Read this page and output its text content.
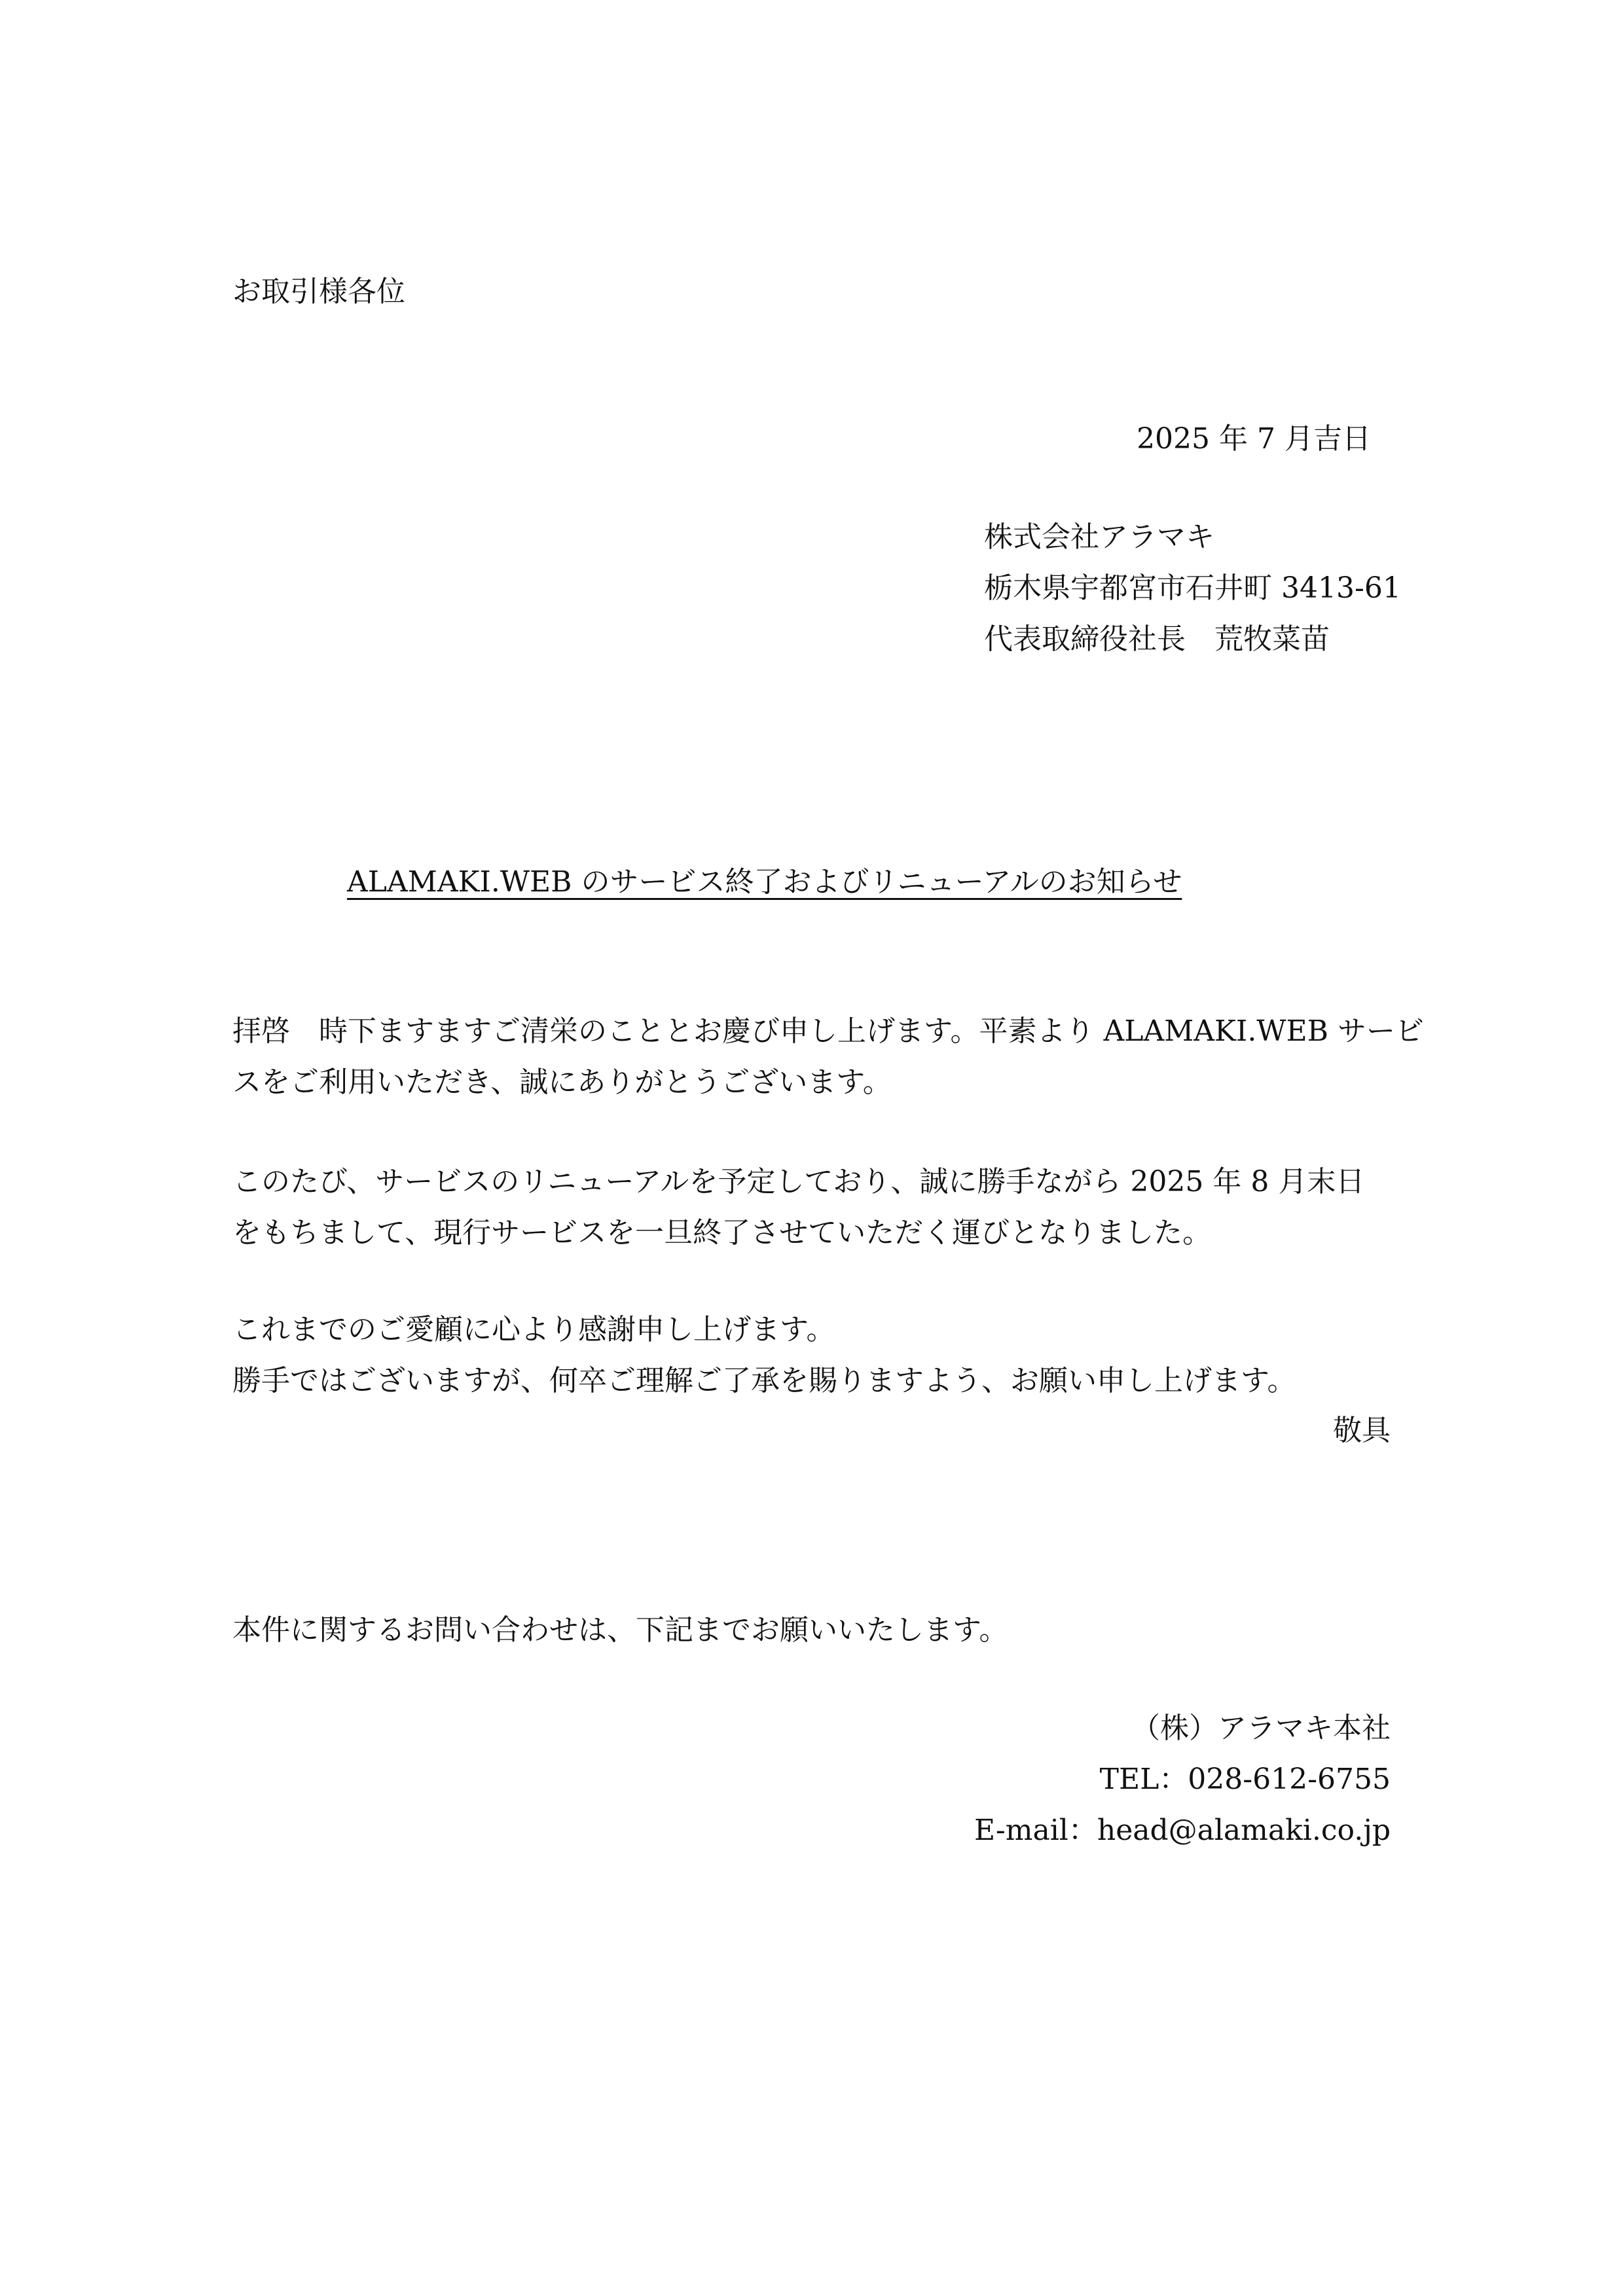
お取引様各位
2025 年 7 月吉日
株式会社アラマキ
栃木県宇都宮市石井町 3413-61
代表取締役社長　荒牧菜苗
ALAMAKI.WEB のサービス終了およびリニューアルのお知らせ
拝啓　時下ますますご清栄のこととお慶び申し上げます。平素より ALAMAKI.WEB サービ
スをご利用いただき、誠にありがとうございます。
このたび、サービスのリニューアルを予定しており、誠に勝手ながら 2025 年 8 月末日
をもちまして、現行サービスを一旦終了させていただく運びとなりました。
これまでのご愛顧に心より感謝申し上げます。
勝手ではございますが、何卒ご理解ご了承を賜りますよう、お願い申し上げます。
敬具
本件に関するお問い合わせは、下記までお願いいたします。
（株）アラマキ本社
TEL：028-612-6755
E-mail：head@alamaki.co.jp
